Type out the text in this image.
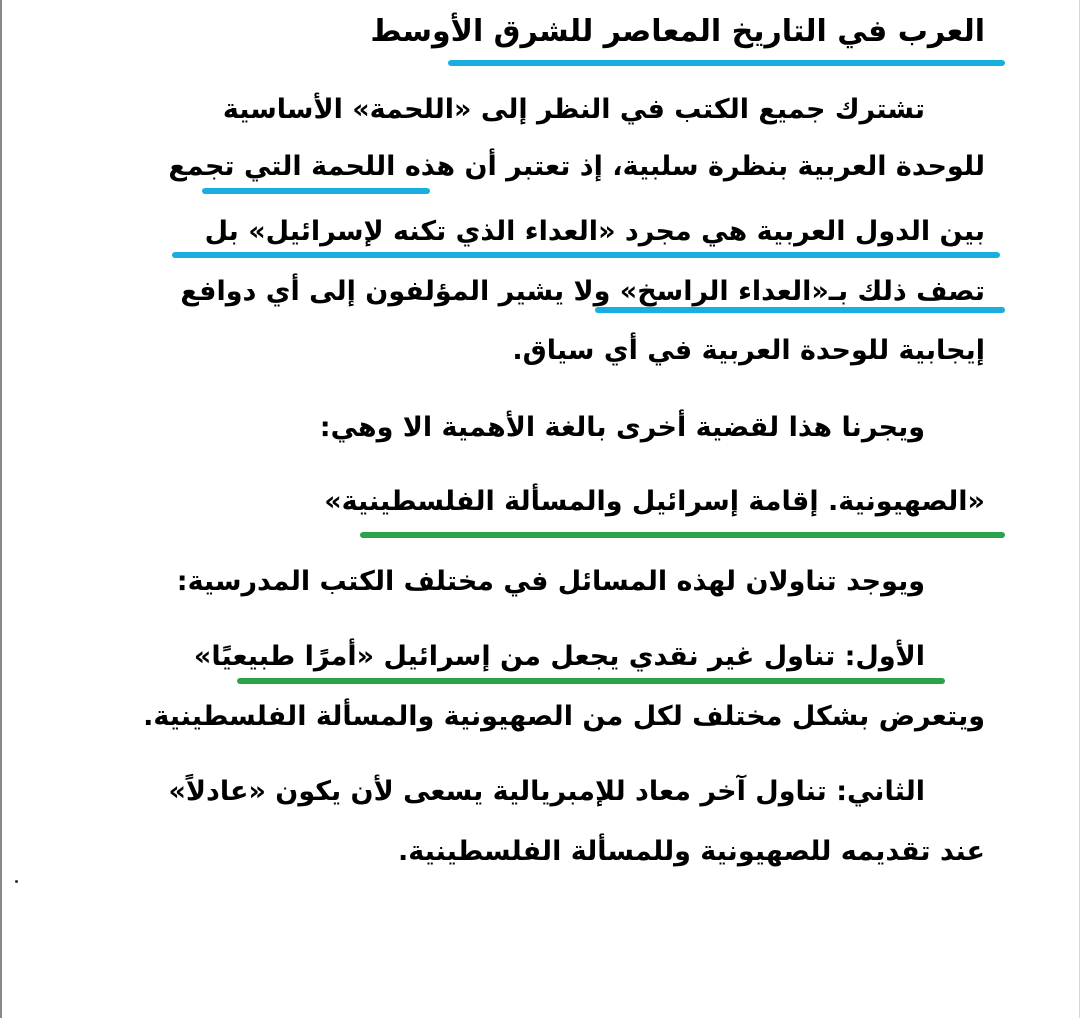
العرب في التاريخ المعاصر للشرق الأوسط
تشترك جميع الكتب في النظر إلى «اللحمة» الأساسية
للوحدة العربية بنظرة سلبية، إذ تعتبر أن هذه اللحمة التي تجمع
بين الدول العربية هي مجرد «العداء الذي تكنه لإسرائيل» بل
تصف ذلك بـ«العداء الراسخ» ولا يشير المؤلفون إلى أي دوافع
إيجابية للوحدة العربية في أي سياق.
ويجرنا هذا لقضية أخرى بالغة الأهمية الا وهي:
«الصهيونية. إقامة إسرائيل والمسألة الفلسطينية»
ويوجد تناولان لهذه المسائل في مختلف الكتب المدرسية:
الأول: تناول غير نقدي يجعل من إسرائيل «أمرًا طبيعيًا»
ويتعرض بشكل مختلف لكل من الصهيونية والمسألة الفلسطينية.
الثاني: تناول آخر معاد للإمبريالية يسعى لأن يكون «عادلاً»
عند تقديمه للصهيونية وللمسألة الفلسطينية.
